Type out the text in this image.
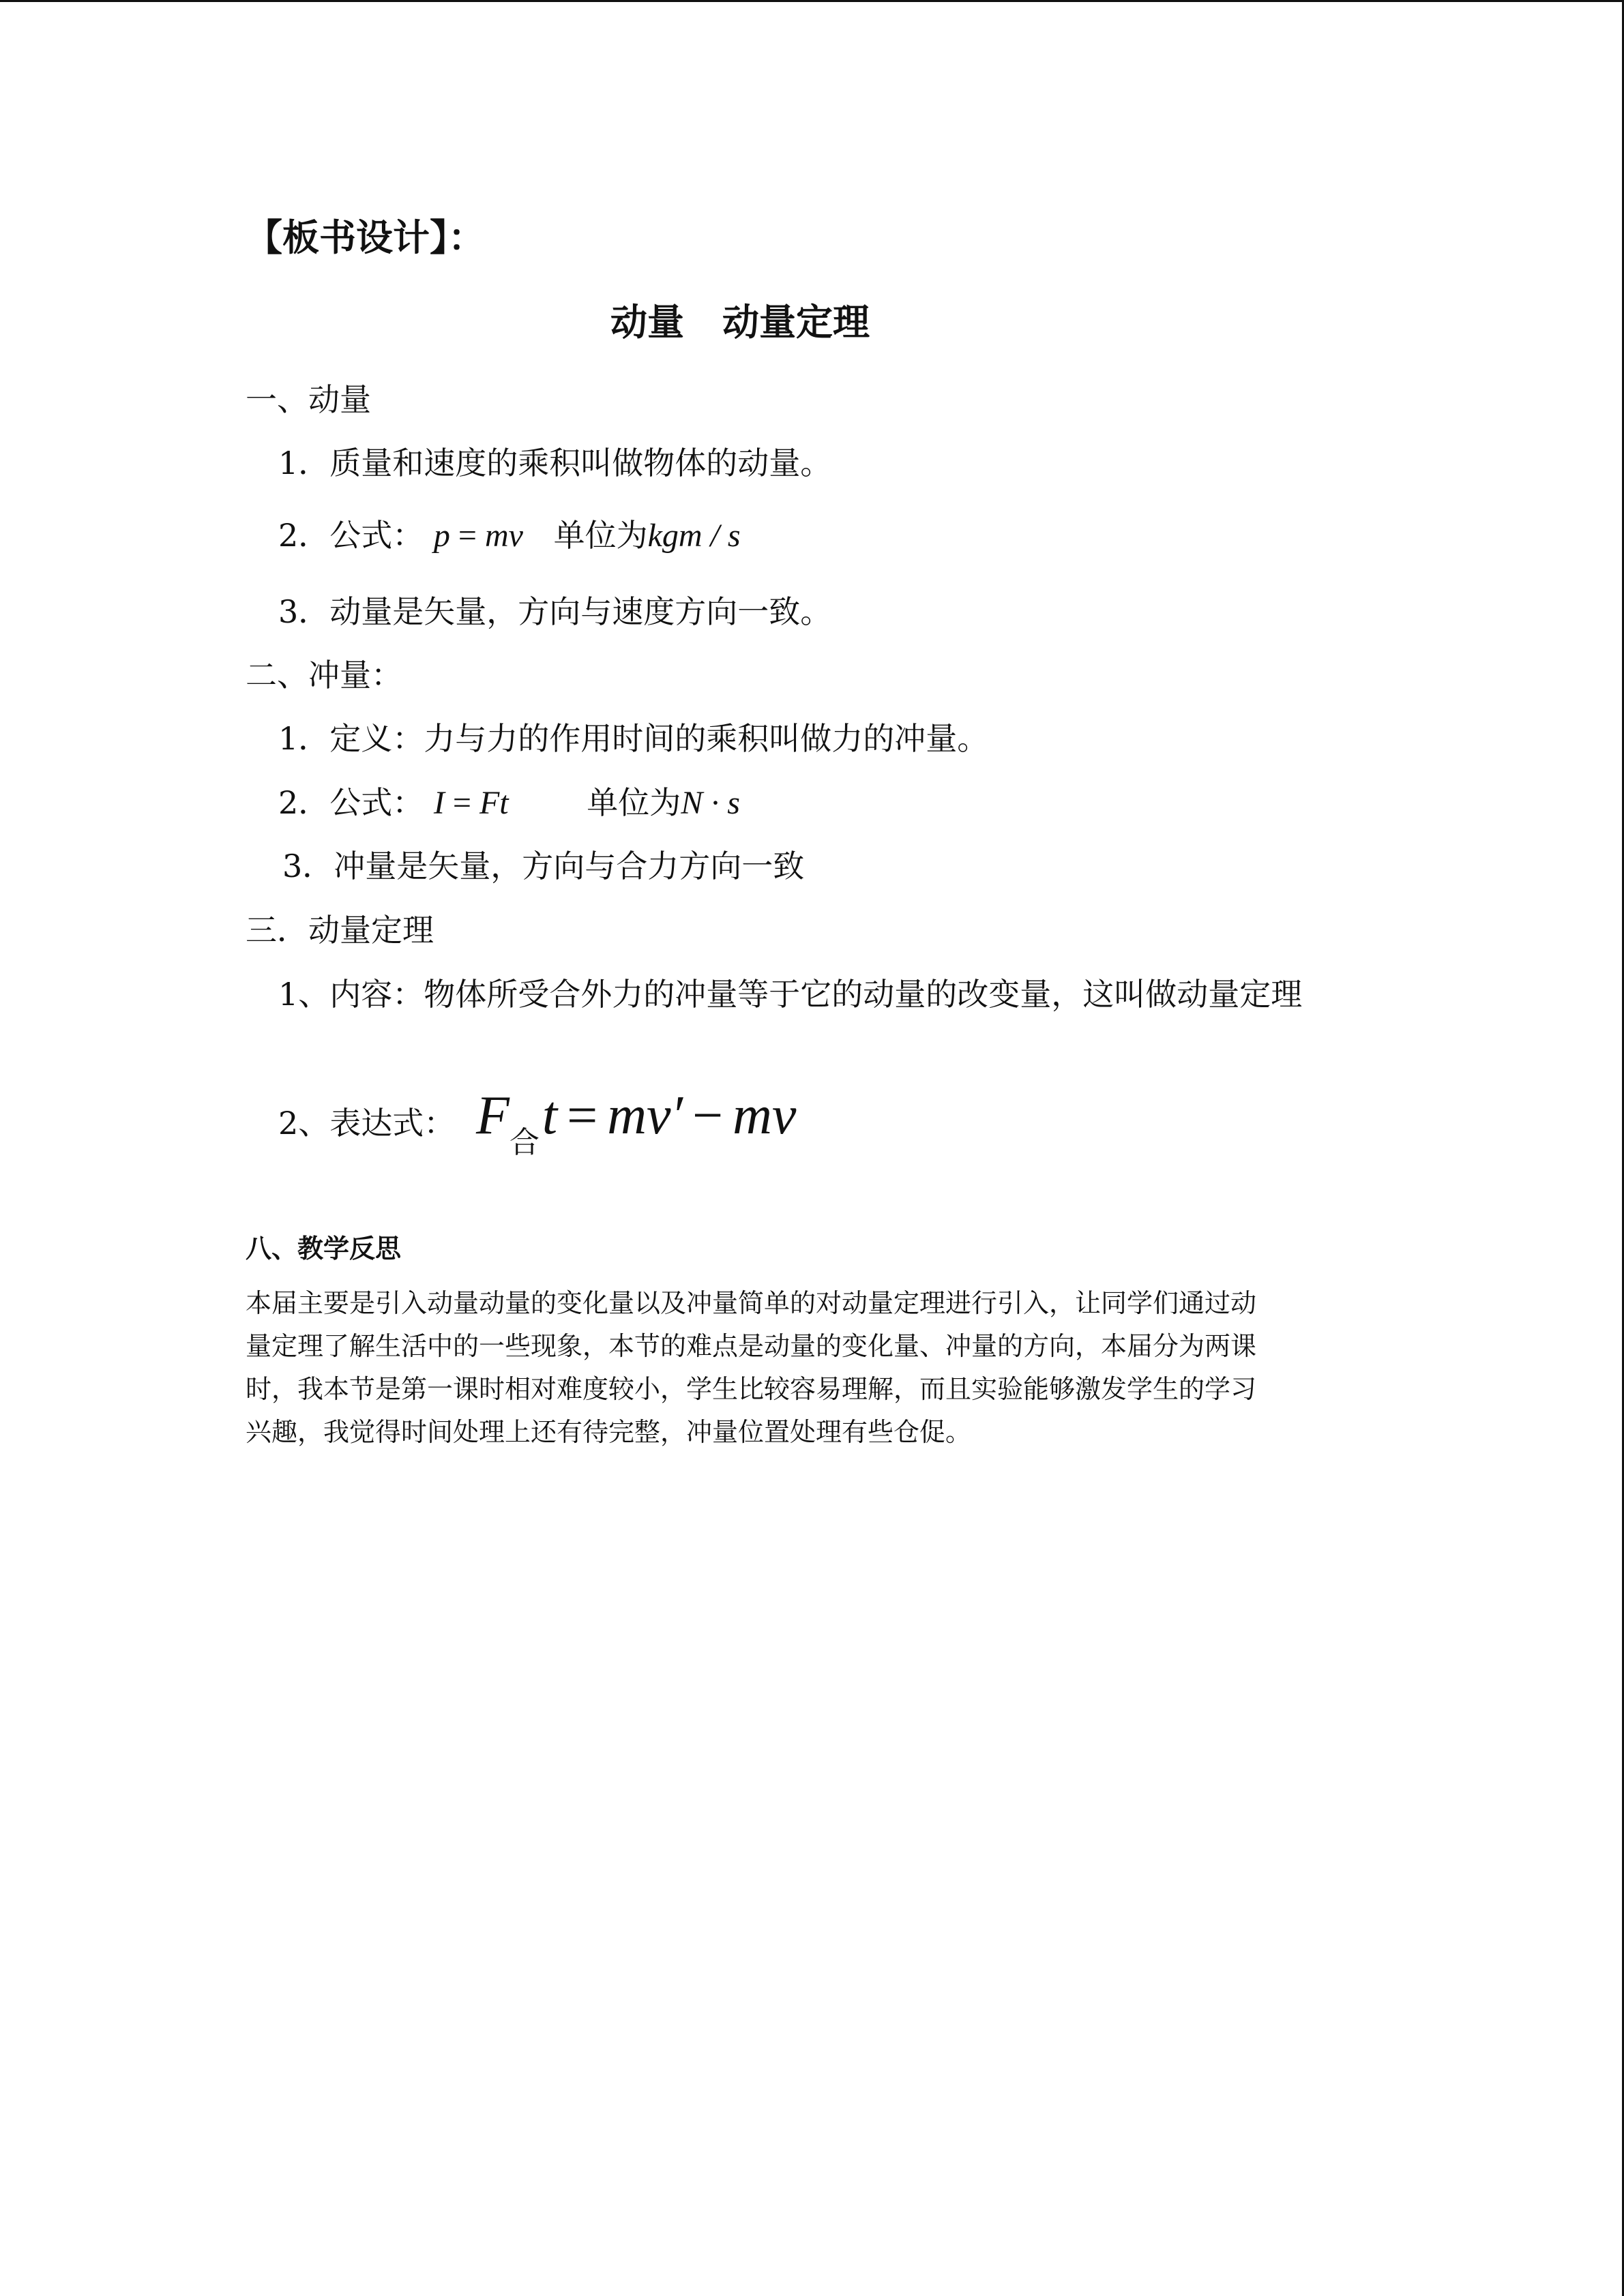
【板书设计】：
动量 动量定理
一、动量
1．质量和速度的乘积叫做物体的动量。
2．公式： p = mv 单位为kgm / s
3．动量是矢量，方向与速度方向一致。
二、冲量：
1．定义：力与力的作用时间的乘积叫做力的冲量。
2．公式： I = Ft 单位为N · s
3．冲量是矢量，方向与合力方向一致
三．动量定理
1、内容：物体所受合外力的冲量等于它的动量的改变量，这叫做动量定理
2、表达式： $F_合t = mv'$ − mv
八、教学反思
本届主要是引入动量动量的变化量以及冲量简单的对动量定理进行引入，让同学们通过动
量定理了解生活中的一些现象，本节的难点是动量的变化量、冲量的方向，本届分为两课
时，我本节是第一课时相对难度较小，学生比较容易理解，而且实验能够激发学生的学习
兴趣，我觉得时间处理上还有待完整，冲量位置处理有些仓促。
